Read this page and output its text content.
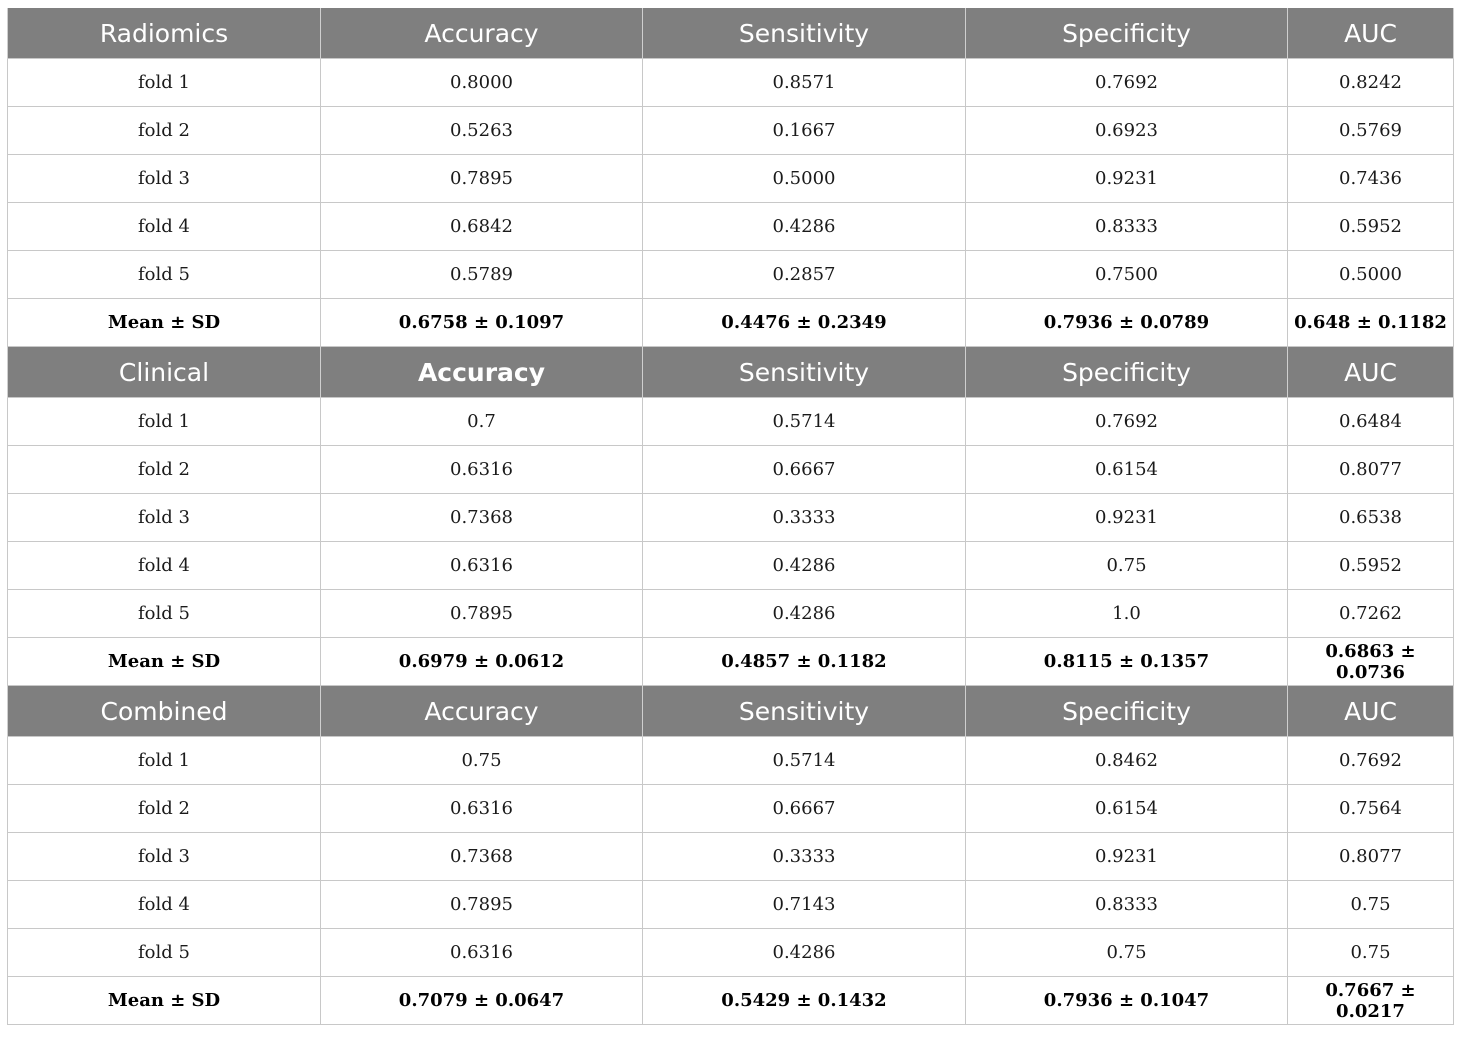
Radiomics	Accuracy	Sensitivity	Specificity	AUC
fold 1	0.8000	0.8571	0.7692	0.8242
fold 2	0.5263	0.1667	0.6923	0.5769
fold 3	0.7895	0.5000	0.9231	0.7436
fold 4	0.6842	0.4286	0.8333	0.5952
fold 5	0.5789	0.2857	0.7500	0.5000
Mean ± SD	0.6758 ± 0.1097	0.4476 ± 0.2349	0.7936 ± 0.0789	0.648 ± 0.1182
Clinical	Accuracy	Sensitivity	Specificity	AUC
fold 1	0.7	0.5714	0.7692	0.6484
fold 2	0.6316	0.6667	0.6154	0.8077
fold 3	0.7368	0.3333	0.9231	0.6538
fold 4	0.6316	0.4286	0.75	0.5952
fold 5	0.7895	0.4286	1.0	0.7262
Mean ± SD	0.6979 ± 0.0612	0.4857 ± 0.1182	0.8115 ± 0.1357	0.6863 ± 0.0736
Combined	Accuracy	Sensitivity	Specificity	AUC
fold 1	0.75	0.5714	0.8462	0.7692
fold 2	0.6316	0.6667	0.6154	0.7564
fold 3	0.7368	0.3333	0.9231	0.8077
fold 4	0.7895	0.7143	0.8333	0.75
fold 5	0.6316	0.4286	0.75	0.75
Mean ± SD	0.7079 ± 0.0647	0.5429 ± 0.1432	0.7936 ± 0.1047	0.7667 ± 0.0217
